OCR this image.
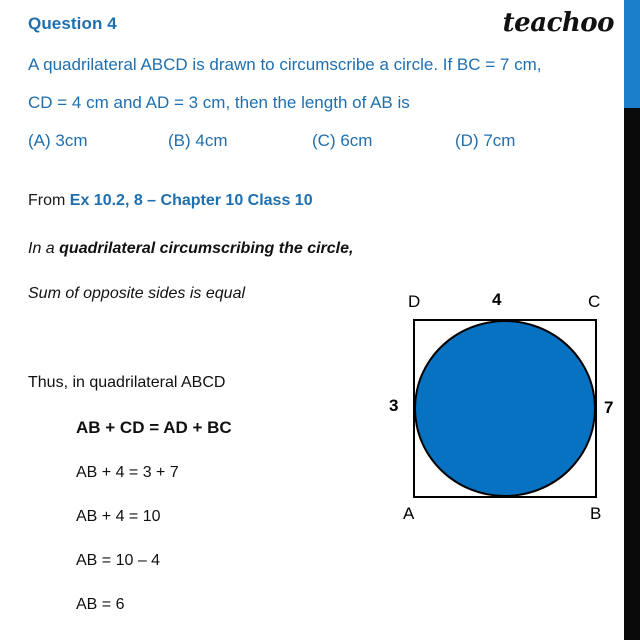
Question 4	teachoo
A quadrilateral ABCD is drawn to circumscribe a circle. If BC = 7 cm,
CD = 4 cm and AD = 3 cm, then the length of AB is
(A) 3cm	(B) 4cm	(C) 6cm	(D) 7cm
From Ex 10.2, 8 – Chapter 10 Class 10
In a quadrilateral circumscribing the circle,
Sum of opposite sides is equal
Thus, in quadrilateral ABCD
AB + CD = AD + BC
AB + 4 = 3 + 7
AB + 4 = 10
AB = 10 – 4
AB = 6
D	C
4
3	7
A	B
